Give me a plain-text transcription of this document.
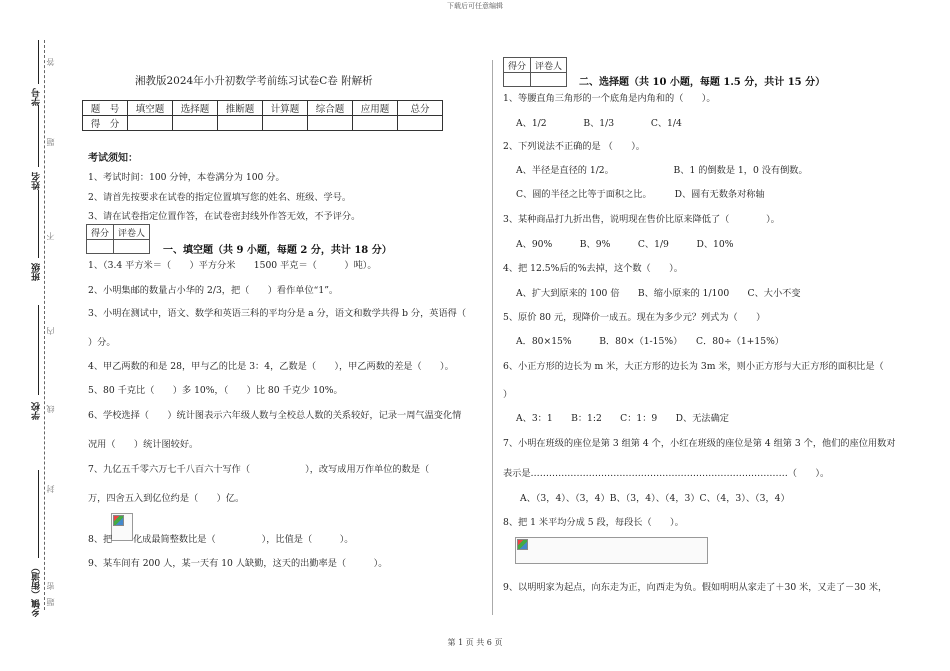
下载后可任意编辑
第 1 页 共 6 页
学号
姓名
班级
学校
乡镇（街道）
答
题
不
内
线
封
密
题
湘教版2024年小升初数学考前练习试卷C卷 附解析
题　号	填空题	选择题	推断题	计算题	综合题	应用题	总分
得　分							
考试须知：
1、考试时间：100 分钟，本卷满分为 100 分。
2、请首先按要求在试卷的指定位置填写您的姓名、班级、学号。
3、请在试卷指定位置作答，在试卷密封线外作答无效，不予评分。
得分	评卷人

一、填空题（共 9 小题，每题 2 分，共计 18 分）
1、（3.4 平方米＝（　　）平方分米　　1500 平克＝（　　　）吨）。
2、小明集邮的数量占小华的 2/3，把（　　）看作单位“1”。
3、小明在测试中，语文、数学和英语三科的平均分是 a 分，语文和数学共得 b 分，英语得（
）分。
4、甲乙两数的和是 28，甲与乙的比是 3：4，乙数是（　　），甲乙两数的差是（　　）。
5、80 千克比（　　）多 10%，（　　）比 80 千克少 10%。
6、学校选择（　　）统计图表示六年级人数与全校总人数的关系较好，记录一周气温变化情
况用（　　）统计图较好。
7、九亿五千零六万七千八百六十写作（　　　　　　），改写成用万作单位的数是（　　
万，四舍五入到亿位约是（　　）亿。
8、把 化成最简整数比是（　　　　　），比值是（　　　）。
9、某车间有 200 人，某一天有 10 人缺勤，这天的出勤率是（　　　）。
得分	评卷人

二、选择题（共 10 小题，每题 1.5 分，共计 15 分）
1、等腰直角三角形的一个底角是内角和的（　　）。
A、1/2　　　　B、1/3　　　　C、1/4
2、下列说法不正确的是 （　　）。
A、半径是直径的 1/2。　　　　　　　B、1 的倒数是 1，0 没有倒数。
C、圆的半径之比等于面积之比。　　　D、圆有无数条对称轴
3、某种商品打九折出售，说明现在售价比原来降低了（　　　　）。
A、90%　　　B、9%　　　C、1/9　　　D、10%
4、把 12.5%后的%去掉，这个数（　　）。
A、扩大到原来的 100 倍　　B、缩小原来的 1/100　　C、大小不变
5、原价 80 元，现降价一成五。现在为多少元？列式为（　　）
A．80×15%　　　B．80×（1-15%）　　C．80÷（1+15%）
6、小正方形的边长为 m 米，大正方形的边长为 3m 米，则小正方形与大正方形的面积比是（
）
A、3：1　　B：1:2　　C：1：9　　D、无法确定
7、小明在班级的座位是第 3 组第 4 个，小红在班级的座位是第 4 组第 3 个，他们的座位用数对
表示是…………………………………………………………………………（　　）。
A、（3，4）、（3，4）B、（3，4）、（4，3）C、（4，3）、（3，4）
8、把 1 米平均分成 5 段，每段长（　　）。
9、以明明家为起点，向东走为正，向西走为负。假如明明从家走了＋30 米，又走了－30 米，
